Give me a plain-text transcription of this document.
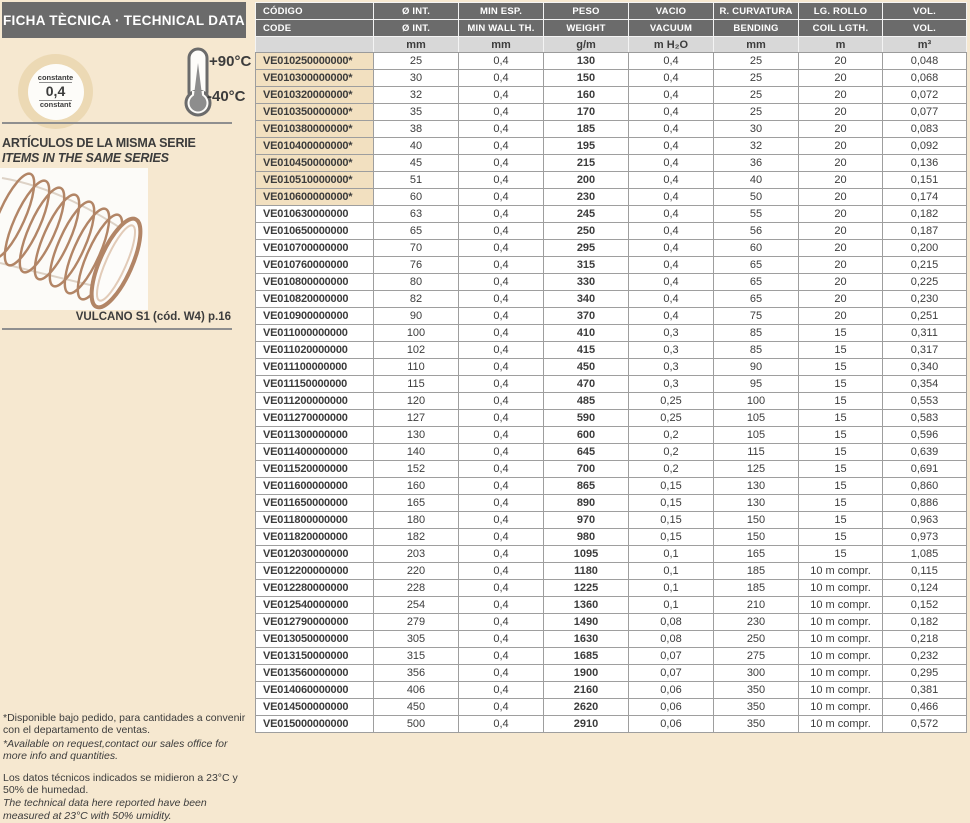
FICHA TÈCNICA · TECHNICAL DATA
constante
0,4
constant
+90°C
-40°C
ARTÍCULOS DE LA MISMA SERIE
ITEMS IN THE SAME SERIES
VULCANO S1 (cód. W4) p.16

*Disponible bajo pedido, para cantidades a convenir con el departamento de ventas.

*Available on request,contact our sales office for more info and quantities.

Los datos técnicos indicados se midieron a 23°C y 50% de humedad.

The technical data here reported have been measured at 23°C with 50% umidity.

CÓDIGO	Ø INT.	MIN ESP.	PESO	VACIO	R. CURVATURA	LG. ROLLO	VOL.
CODE	Ø INT.	MIN WALL TH.	WEIGHT	VACUUM	BENDING	COIL LGTH.	VOL.
	mm	mm	g/m	m H₂O	mm	m	m³
VE010250000000*	25	0,4	130	0,4	25	20	0,048
VE010300000000*	30	0,4	150	0,4	25	20	0,068
VE010320000000*	32	0,4	160	0,4	25	20	0,072
VE010350000000*	35	0,4	170	0,4	25	20	0,077
VE010380000000*	38	0,4	185	0,4	30	20	0,083
VE010400000000*	40	0,4	195	0,4	32	20	0,092
VE010450000000*	45	0,4	215	0,4	36	20	0,136
VE010510000000*	51	0,4	200	0,4	40	20	0,151
VE010600000000*	60	0,4	230	0,4	50	20	0,174
VE010630000000	63	0,4	245	0,4	55	20	0,182
VE010650000000	65	0,4	250	0,4	56	20	0,187
VE010700000000	70	0,4	295	0,4	60	20	0,200
VE010760000000	76	0,4	315	0,4	65	20	0,215
VE010800000000	80	0,4	330	0,4	65	20	0,225
VE010820000000	82	0,4	340	0,4	65	20	0,230
VE010900000000	90	0,4	370	0,4	75	20	0,251
VE011000000000	100	0,4	410	0,3	85	15	0,311
VE011020000000	102	0,4	415	0,3	85	15	0,317
VE011100000000	110	0,4	450	0,3	90	15	0,340
VE011150000000	115	0,4	470	0,3	95	15	0,354
VE011200000000	120	0,4	485	0,25	100	15	0,553
VE011270000000	127	0,4	590	0,25	105	15	0,583
VE011300000000	130	0,4	600	0,2	105	15	0,596
VE011400000000	140	0,4	645	0,2	115	15	0,639
VE011520000000	152	0,4	700	0,2	125	15	0,691
VE011600000000	160	0,4	865	0,15	130	15	0,860
VE011650000000	165	0,4	890	0,15	130	15	0,886
VE011800000000	180	0,4	970	0,15	150	15	0,963
VE011820000000	182	0,4	980	0,15	150	15	0,973
VE012030000000	203	0,4	1095	0,1	165	15	1,085
VE012200000000	220	0,4	1180	0,1	185	10 m compr.	0,115
VE012280000000	228	0,4	1225	0,1	185	10 m compr.	0,124
VE012540000000	254	0,4	1360	0,1	210	10 m compr.	0,152
VE012790000000	279	0,4	1490	0,08	230	10 m compr.	0,182
VE013050000000	305	0,4	1630	0,08	250	10 m compr.	0,218
VE013150000000	315	0,4	1685	0,07	275	10 m compr.	0,232
VE013560000000	356	0,4	1900	0,07	300	10 m compr.	0,295
VE014060000000	406	0,4	2160	0,06	350	10 m compr.	0,381
VE014500000000	450	0,4	2620	0,06	350	10 m compr.	0,466
VE015000000000	500	0,4	2910	0,06	350	10 m compr.	0,572
